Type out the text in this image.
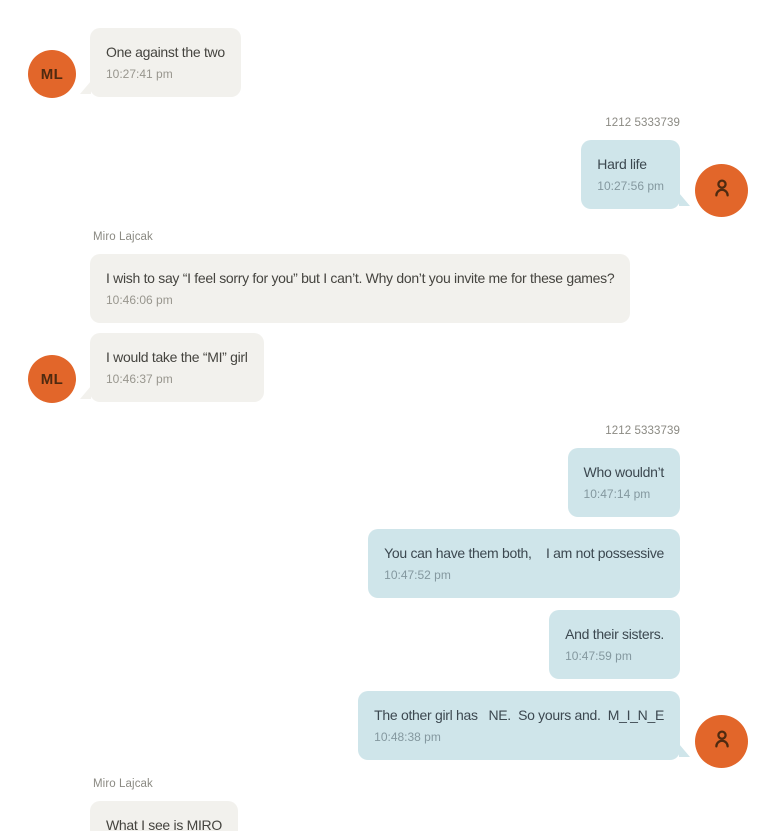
One against the two
10:27:41 pm
ML
1212 5333739
Hard life
10:27:56 pm
Miro Lajcak
I wish to say “I feel sorry for you” but I can’t. Why don’t you invite me for these games?
10:46:06 pm
I would take the “MI” girl
10:46:37 pm
ML
1212 5333739
Who wouldn’t
10:47:14 pm
You can have them both,    I am not possessive
10:47:52 pm
And their sisters.
10:47:59 pm
The other girl has   NE.  So yours and.  M_I_N_E
10:48:38 pm
Miro Lajcak
What I see is MIRO
